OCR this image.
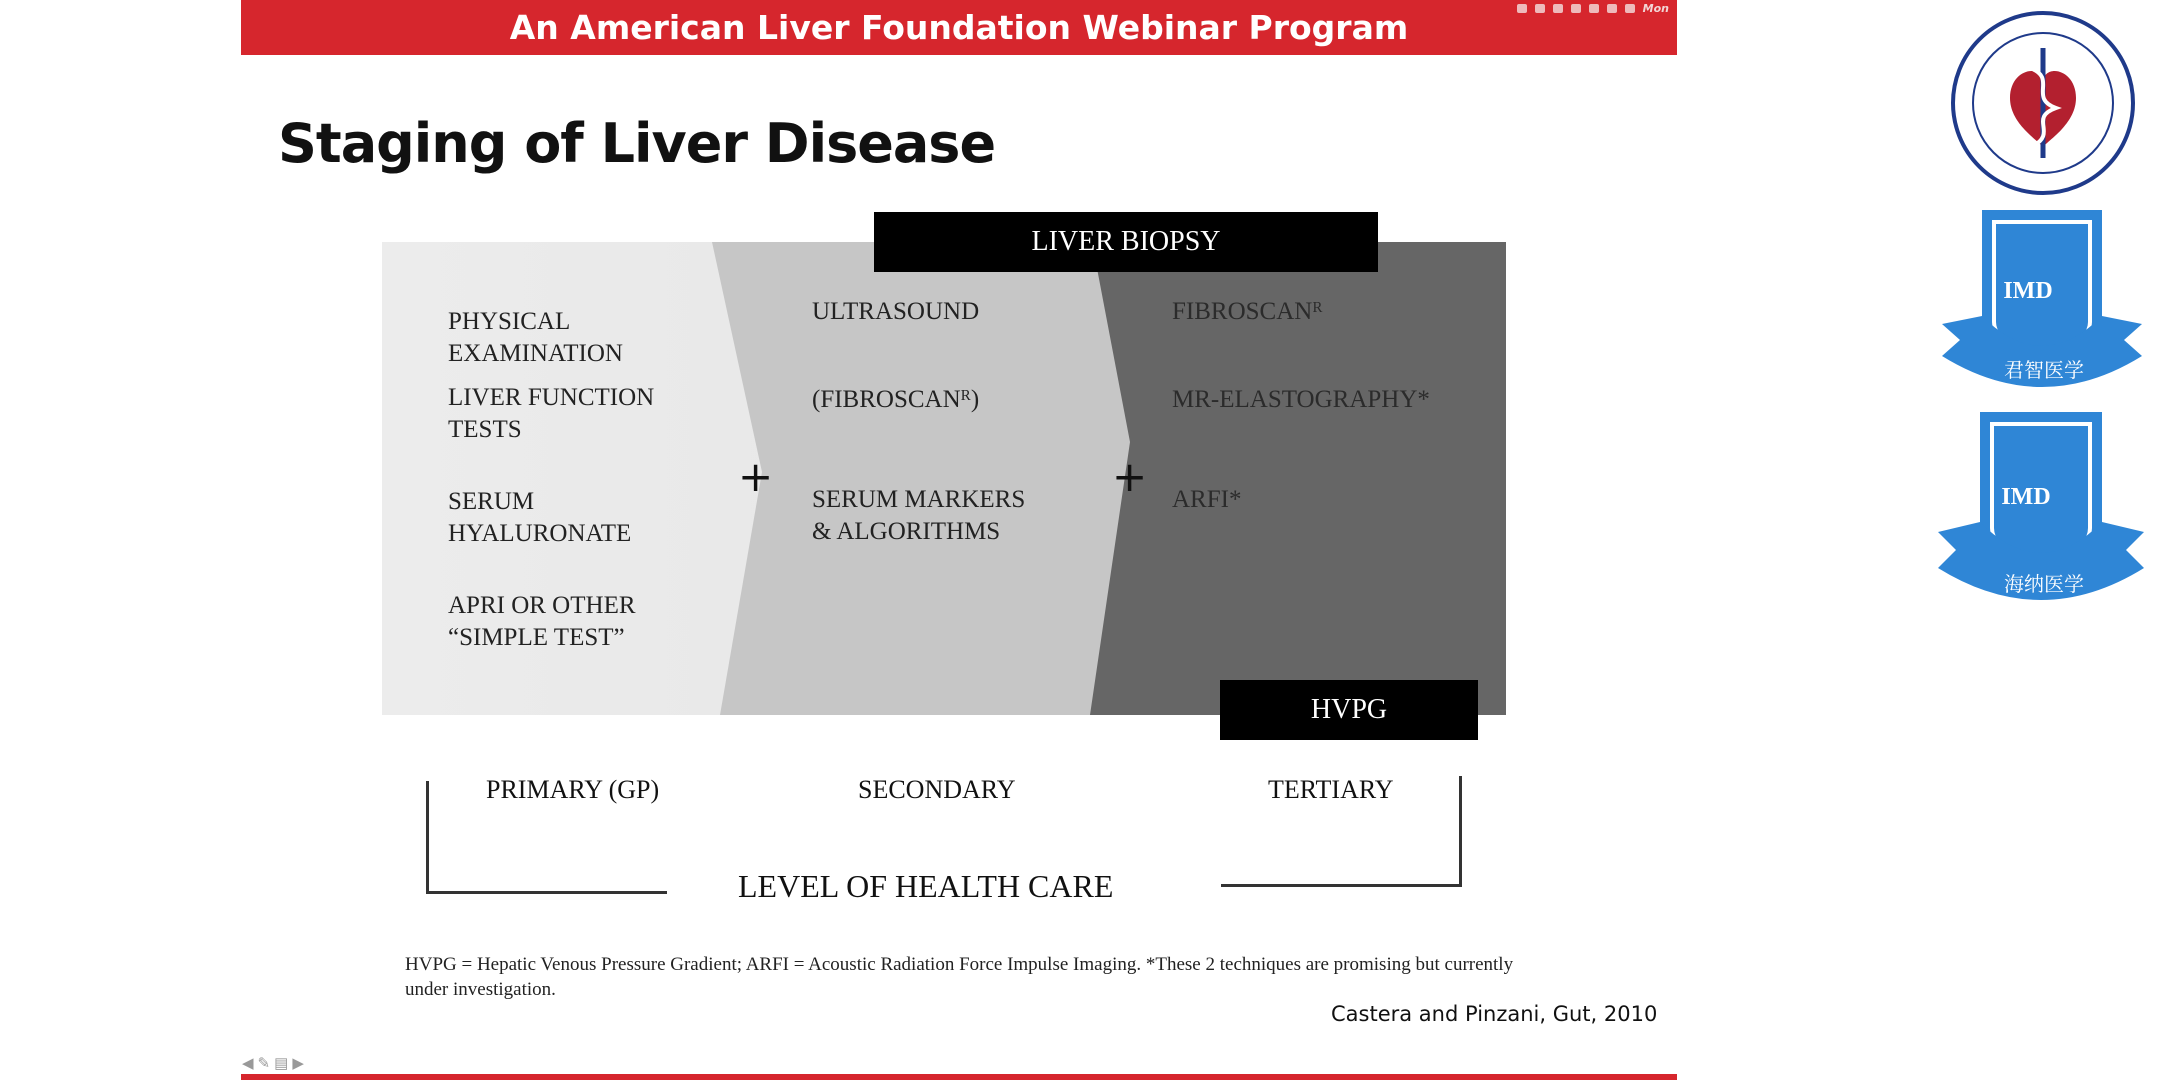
An American Liver Foundation Webinar Program	Mon
Staging of Liver Disease
LIVER BIOPSY
HVPG
PHYSICAL
EXAMINATION
LIVER FUNCTION
TESTS
SERUM
HYALURONATE
APRI OR OTHER
“SIMPLE TEST”
+
ULTRASOUND
(FIBROSCANᴿ)
SERUM MARKERS
& ALGORITHMS
+
FIBROSCANᴿ
MR-ELASTOGRAPHY*
ARFI*
PRIMARY (GP)	SECONDARY	TERTIARY
LEVEL OF HEALTH CARE
HVPG = Hepatic Venous Pressure Gradient; ARFI = Acoustic Radiation Force Impulse Imaging. *These 2 techniques are promising but currently under investigation.
Castera and Pinzani, Gut, 2010
◀ ✎ ▤ ▶
IMD
君智医学
IMD
海纳医学
